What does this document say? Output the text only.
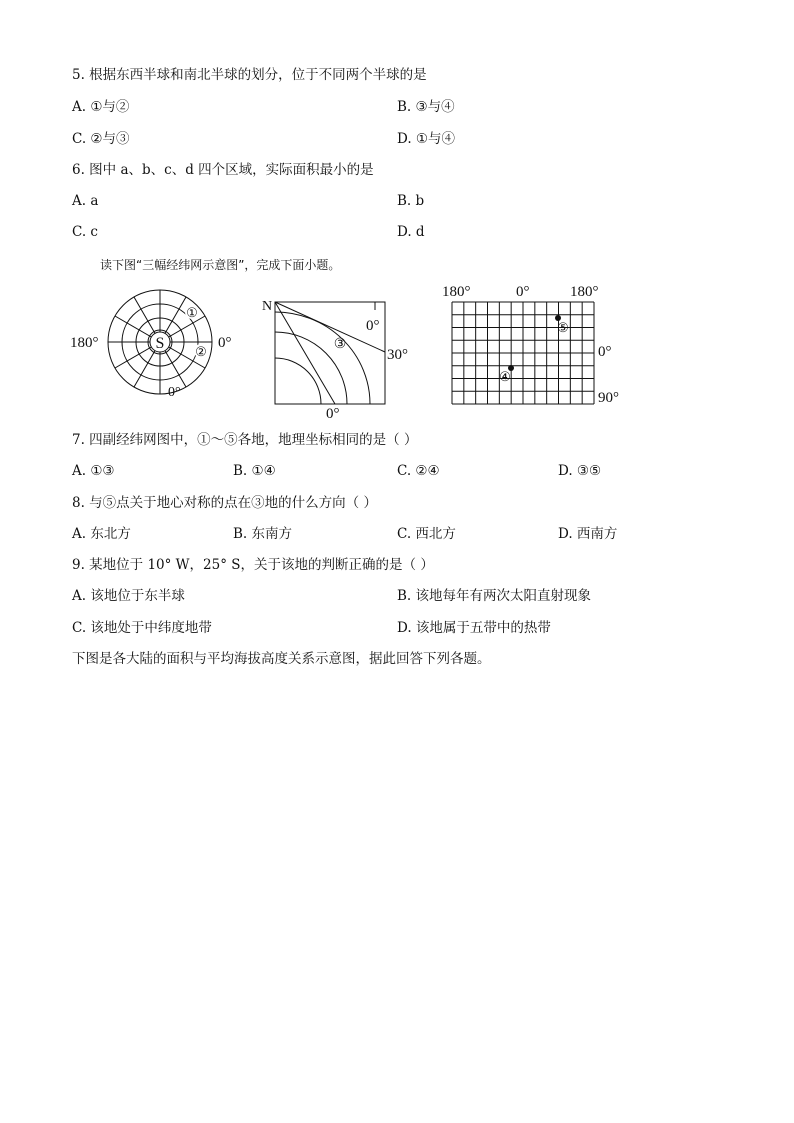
5. 根据东西半球和南北半球的划分，位于不同两个半球的是
A. ①与②	B. ③与④
C. ②与③	D. ①与④
6. 图中 a、b、c、d 四个区域，实际面积最小的是
A. a	B. b
C. c	D. d
读下图“三幅经纬网示意图”，完成下面小题。
S
①
②
180°	0°
0°
N
0°
30°
0°
③
⑤
④
180°	0°	180°
0°
90°
7. 四副经纬网图中，①～⑤各地，地理坐标相同的是（ ）
A. ①③	B. ①④	C. ②④	D. ③⑤
8. 与⑤点关于地心对称的点在③地的什么方向（ ）
A. 东北方	B. 东南方	C. 西北方	D. 西南方
9. 某地位于 10° W，25° S，关于该地的判断正确的是（ ）
A. 该地位于东半球	B. 该地每年有两次太阳直射现象
C. 该地处于中纬度地带	D. 该地属于五带中的热带
下图是各大陆的面积与平均海拔高度关系示意图，据此回答下列各题。
